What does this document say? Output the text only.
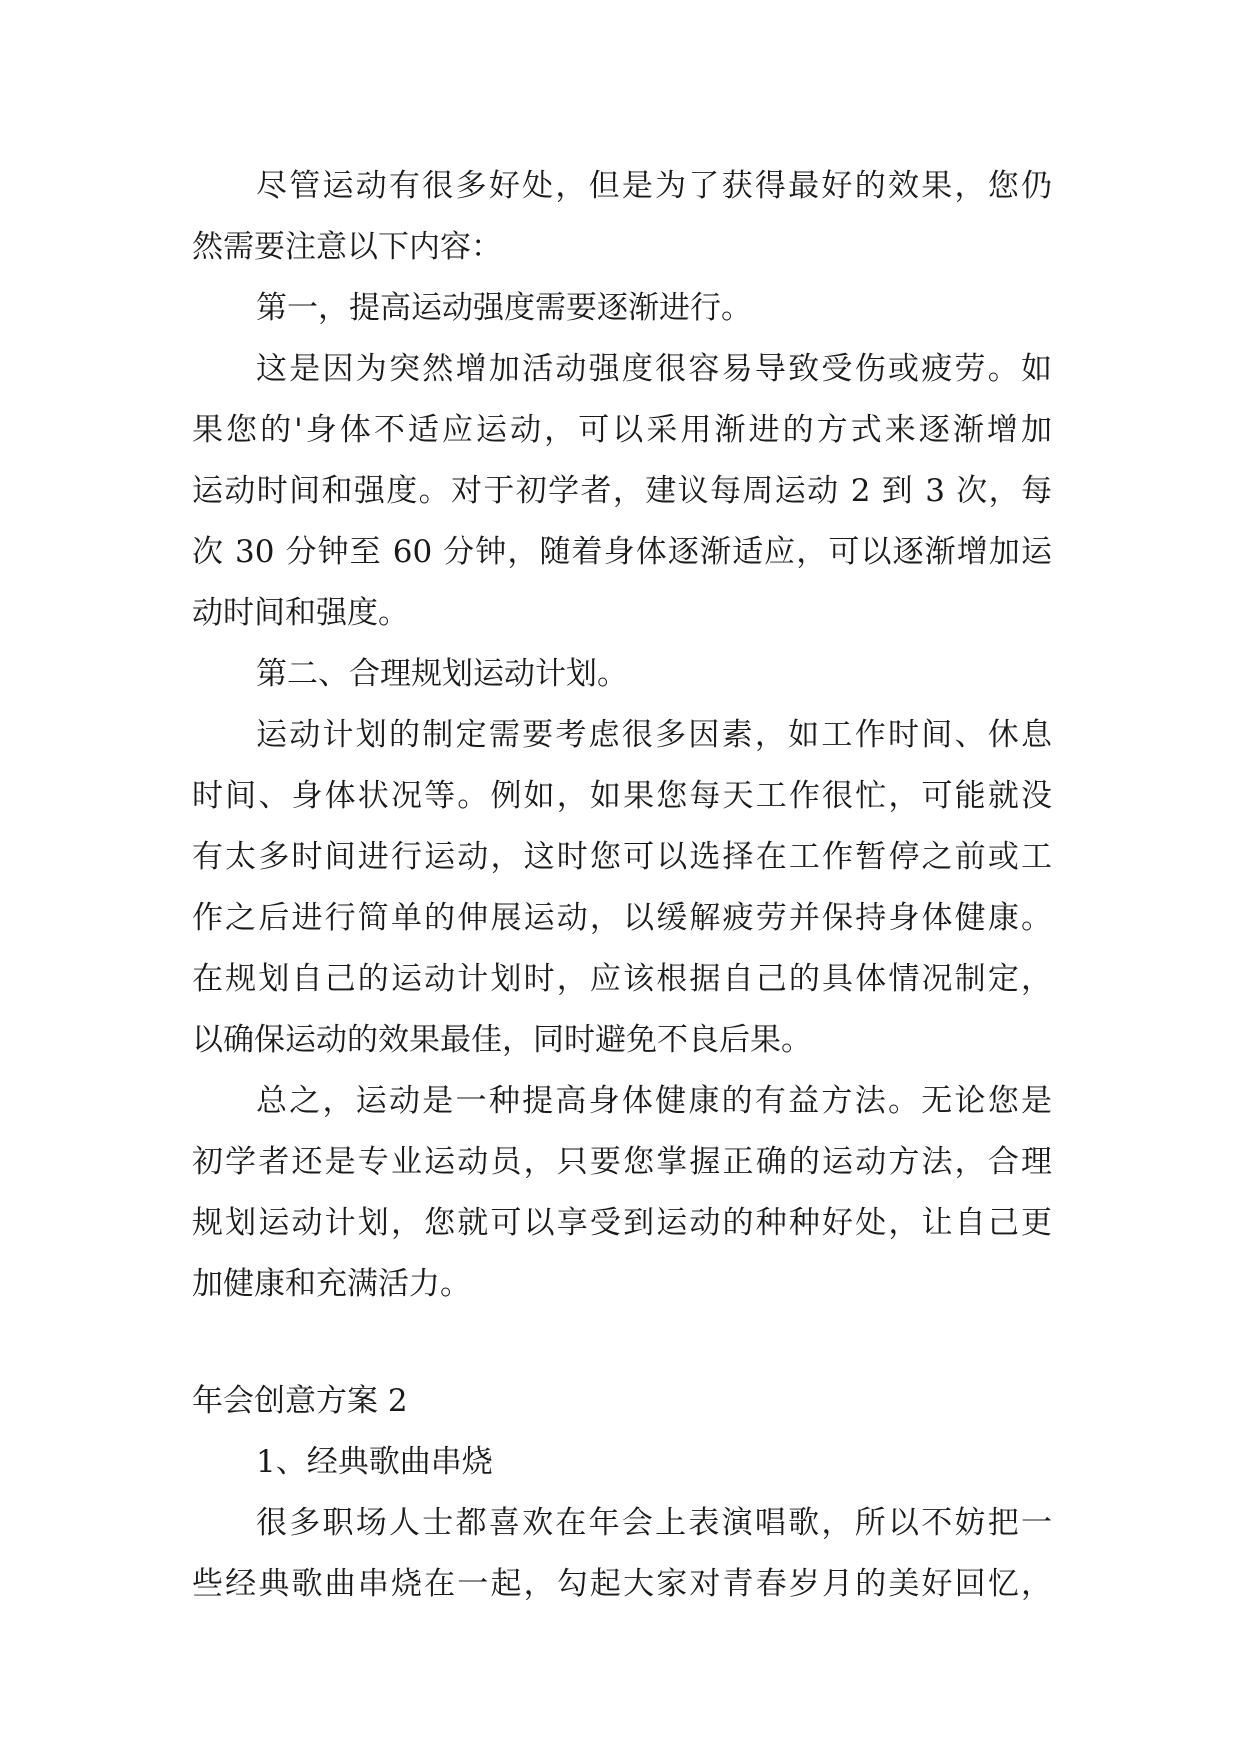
尽管运动有很多好处，但是为了获得最好的效果，您仍
然需要注意以下内容：
第一，提高运动强度需要逐渐进行。
这是因为突然增加活动强度很容易导致受伤或疲劳。如
果您的'身体不适应运动，可以采用渐进的方式来逐渐增加
运动时间和强度。对于初学者，建议每周运动 2 到 3 次，每
次 30 分钟至 60 分钟，随着身体逐渐适应，可以逐渐增加运
动时间和强度。
第二、合理规划运动计划。
运动计划的制定需要考虑很多因素，如工作时间、休息
时间、身体状况等。例如，如果您每天工作很忙，可能就没
有太多时间进行运动，这时您可以选择在工作暂停之前或工
作之后进行简单的伸展运动，以缓解疲劳并保持身体健康。
在规划自己的运动计划时，应该根据自己的具体情况制定，
以确保运动的效果最佳，同时避免不良后果。
总之，运动是一种提高身体健康的有益方法。无论您是
初学者还是专业运动员，只要您掌握正确的运动方法，合理
规划运动计划，您就可以享受到运动的种种好处，让自己更
加健康和充满活力。
年会创意方案 2
1、经典歌曲串烧
很多职场人士都喜欢在年会上表演唱歌，所以不妨把一
些经典歌曲串烧在一起，勾起大家对青春岁月的美好回忆，
